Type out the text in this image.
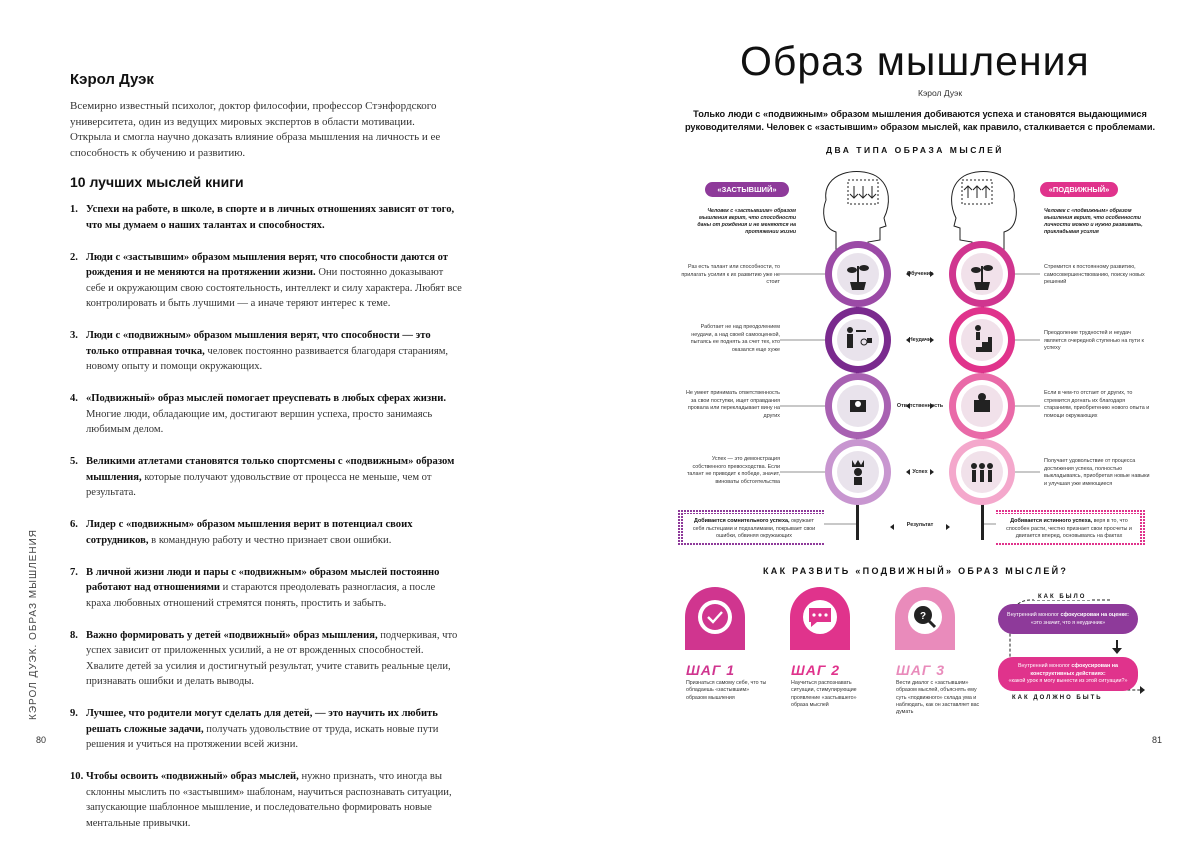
КЭРОЛ ДУЭК. ОБРАЗ МЫШЛЕНИЯ
80
Кэрол Дуэк
Всемирно известный психолог, доктор философии, профессор Стэнфордского университета, один из ведущих мировых экспертов в области мотивации. Открыла и смогла научно доказать влияние образа мышления на личность и ее способность к обучению и развитию.
10 лучших мыслей книги
1. Успехи на работе, в школе, в спорте и в личных отношениях зависят от того, что мы думаем о наших талантах и способностях.
2. Люди с «застывшим» образом мышления верят, что способности даются от рождения и не меняются на протяжении жизни. Они постоянно доказывают себе и окружающим свою состоятельность, интеллект и силу характера. Любят все контролировать и быть лучшими — а иначе теряют интерес к теме.
3. Люди с «подвижным» образом мышления верят, что способности — это только отправная точка, человек постоянно развивается благодаря стараниям, новому опыту и помощи окружающих.
4. «Подвижный» образ мыслей помогает преуспевать в любых сферах жизни. Многие люди, обладающие им, достигают вершин успеха, просто занимаясь любимым делом.
5. Великими атлетами становятся только спортсмены с «подвижным» образом мышления, которые получают удовольствие от процесса не меньше, чем от результата.
6. Лидер с «подвижным» образом мышления верит в потенциал своих сотрудников, в командную работу и честно признает свои ошибки.
7. В личной жизни люди и пары с «подвижным» образом мыслей постоянно работают над отношениями и стараются преодолевать разногласия, а после краха любовных отношений стремятся понять, простить и забыть.
8. Важно формировать у детей «подвижный» образ мышления, подчеркивая, что успех зависит от приложенных усилий, а не от врожденных способностей. Хвалите детей за усилия и достигнутый результат, учите ставить реальные цели, признавать ошибки и делать выводы.
9. Лучшее, что родители могут сделать для детей, — это научить их любить решать сложные задачи, получать удовольствие от труда, искать новые пути решения и учиться на протяжении всей жизни.
10. Чтобы освоить «подвижный» образ мыслей, нужно признать, что иногда вы склонны мыслить по «застывшим» шаблонам, научиться распознавать ситуации, запускающие шаблонное мышление, и последовательно формировать новые ментальные привычки.
?
Образ мышления
Кэрол Дуэк
Только люди с «подвижным» образом мышления добиваются успеха и становятся выдающимися руководителями. Человек с «застывшим» образом мыслей, как правило, сталкивается с проблемами.
ДВА ТИПА ОБРАЗА МЫСЛЕЙ
«ЗАСТЫВШИЙ»	«ПОДВИЖНЫЙ»
Человек с «застывшим» образом мышления верит, что способности даны от рождения и не меняются на протяжении жизни
Человек с «подвижным» образом мышления верит, что особенности личности можно и нужно развивать, прикладывая усилия
Раз есть талант или способности, то прилагать усилия к их развитию уже не стоит
Работает не над преодолением неудачи, а над своей самооценкой, пытаясь ее поднять за счет тех, кто оказался еще хуже
Не умеет принимать ответственность за свои поступки, ищет оправдания провала или перекладывает вину на других
Успех — это демонстрация собственного превосходства. Если талант не приводит к победе, значит, виноваты обстоятельства
Стремится к постоянному развитию, самосовершенствованию, поиску новых решений
Преодоление трудностей и неудач является очередной ступенью на пути к успеху
Если в чем-то отстает от других, то стремится догнать их благодаря стараниям, приобретению нового опыта и помощи окружающих
Получает удовольствие от процесса достижения успеха, полностью выкладываясь, приобретая новые навыки и улучшая уже имеющиеся
Обучение
Неудачи
Ответственность
Успех
Результат
Добивается сомнительного успеха, окружает себя льстецами и подхалимами, покрывает свои ошибки, обвиняя окружающих
Добивается истинного успеха, веря в то, что способен расти, честно признает свои просчеты и двигается вперед, основываясь на фактах
КАК РАЗВИТЬ «ПОДВИЖНЫЙ» ОБРАЗ МЫСЛЕЙ?
ШАГ 1
Признаться самому себе, что ты обладаешь «застывшим» образом мышления
ШАГ 2
Научиться распознавать ситуации, стимулирующие проявление «застывшего» образа мыслей
ШАГ 3
Вести диалог с «застывшим» образом мыслей, объяснять ему суть «подвижного» склада ума и наблюдать, как он заставляет вас думать
КАК БЫЛО
Внутренний монолог сфокусирован на оценке:
«это значит, что я неудачник»
Внутренний монолог сфокусирован на конструктивных действиях:
«какой урок я могу вынести из этой ситуации?»
КАК ДОЛЖНО БЫТЬ
81
